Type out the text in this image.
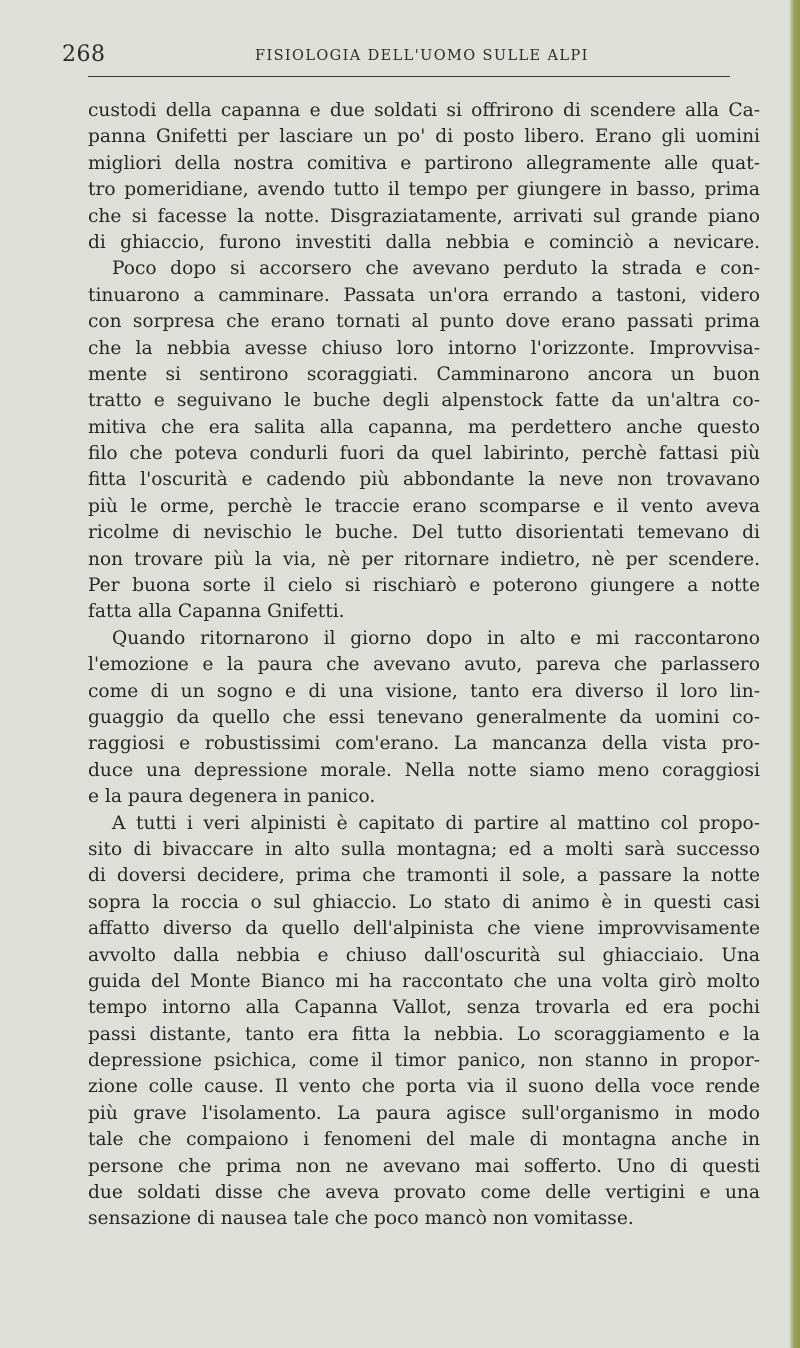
268	FISIOLOGIA DELL'UOMO SULLE ALPI
custodi della capanna e due soldati si offrirono di scendere alla Ca-
panna Gnifetti per lasciare un po' di posto libero. Erano gli uomini
migliori della nostra comitiva e partirono allegramente alle quat-
tro pomeridiane, avendo tutto il tempo per giungere in basso, prima
che si facesse la notte. Disgraziatamente, arrivati sul grande piano
di ghiaccio, furono investiti dalla nebbia e cominciò a nevicare.
Poco dopo si accorsero che avevano perduto la strada e con-
tinuarono a camminare. Passata un'ora errando a tastoni, videro
con sorpresa che erano tornati al punto dove erano passati prima
che la nebbia avesse chiuso loro intorno l'orizzonte. Improvvisa-
mente si sentirono scoraggiati. Camminarono ancora un buon
tratto e seguivano le buche degli alpenstock fatte da un'altra co-
mitiva che era salita alla capanna, ma perdettero anche questo
filo che poteva condurli fuori da quel labirinto, perchè fattasi più
fitta l'oscurità e cadendo più abbondante la neve non trovavano
più le orme, perchè le traccie erano scomparse e il vento aveva
ricolme di nevischio le buche. Del tutto disorientati temevano di
non trovare più la via, nè per ritornare indietro, nè per scendere.
Per buona sorte il cielo si rischiarò e poterono giungere a notte
fatta alla Capanna Gnifetti.
Quando ritornarono il giorno dopo in alto e mi raccontarono
l'emozione e la paura che avevano avuto, pareva che parlassero
come di un sogno e di una visione, tanto era diverso il loro lin-
guaggio da quello che essi tenevano generalmente da uomini co-
raggiosi e robustissimi com'erano. La mancanza della vista pro-
duce una depressione morale. Nella notte siamo meno coraggiosi
e la paura degenera in panico.
A tutti i veri alpinisti è capitato di partire al mattino col propo-
sito di bivaccare in alto sulla montagna; ed a molti sarà successo
di doversi decidere, prima che tramonti il sole, a passare la notte
sopra la roccia o sul ghiaccio. Lo stato di animo è in questi casi
affatto diverso da quello dell'alpinista che viene improvvisamente
avvolto dalla nebbia e chiuso dall'oscurità sul ghiacciaio. Una
guida del Monte Bianco mi ha raccontato che una volta girò molto
tempo intorno alla Capanna Vallot, senza trovarla ed era pochi
passi distante, tanto era fitta la nebbia. Lo scoraggiamento e la
depressione psichica, come il timor panico, non stanno in propor-
zione colle cause. Il vento che porta via il suono della voce rende
più grave l'isolamento. La paura agisce sull'organismo in modo
tale che compaiono i fenomeni del male di montagna anche in
persone che prima non ne avevano mai sofferto. Uno di questi
due soldati disse che aveva provato come delle vertigini e una
sensazione di nausea tale che poco mancò non vomitasse.
